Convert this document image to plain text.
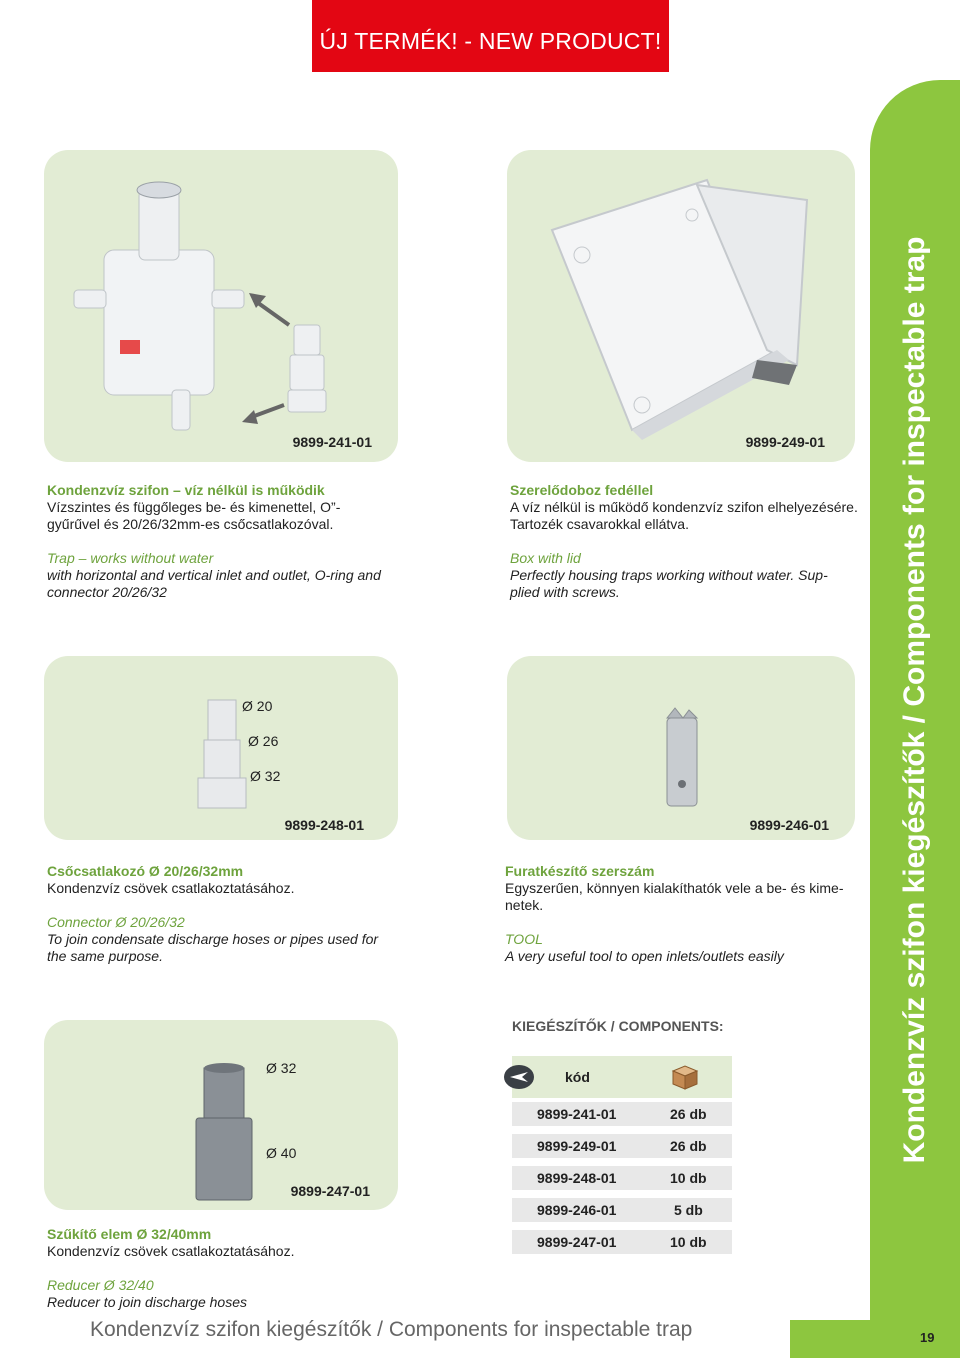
ÚJ TERMÉK! - NEW PRODUCT!
Kondenzvíz szifon kiegészítők / Components for inspectable trap
9899-241-01
Kondenzvíz szifon – víz nélkül is működik
Vízszintes és függőleges be- és kimenettel, O”-
gyűrűvel és 20/26/32mm-es csőcsatlakozóval.
Trap – works without water
with horizontal and vertical inlet and outlet, O-ring and
connector 20/26/32
9899-249-01
Szerelődoboz fedéllel
A víz nélkül is működő kondenzvíz szifon elhelyezésére.
Tartozék csavarokkal ellátva.
Box with lid
Perfectly housing traps working without water. Sup-
plied with screws.
Ø 20
Ø 26
Ø 32
9899-248-01
Csőcsatlakozó Ø 20/26/32mm
Kondenzvíz csövek csatlakoztatásához.
Connector Ø 20/26/32
To join condensate discharge hoses or pipes used for
the same purpose.
9899-246-01
Furatkészítő szerszám
Egyszerűen, könnyen kialakíthatók vele a be- és kime-
netek.
TOOL
A very useful tool to open inlets/outlets easily
Ø 32
Ø 40
9899-247-01
Szűkítő elem Ø 32/40mm
Kondenzvíz csövek csatlakoztatásához.
Reducer Ø 32/40
Reducer to join discharge hoses
KIEGÉSZÍTŐK / COMPONENTS:
kód
9899-241-01	26 db
9899-249-01	26 db
9899-248-01	10 db
9899-246-01	5 db
9899-247-01	10 db
Kondenzvíz szifon kiegészítők / Components for inspectable trap	19
